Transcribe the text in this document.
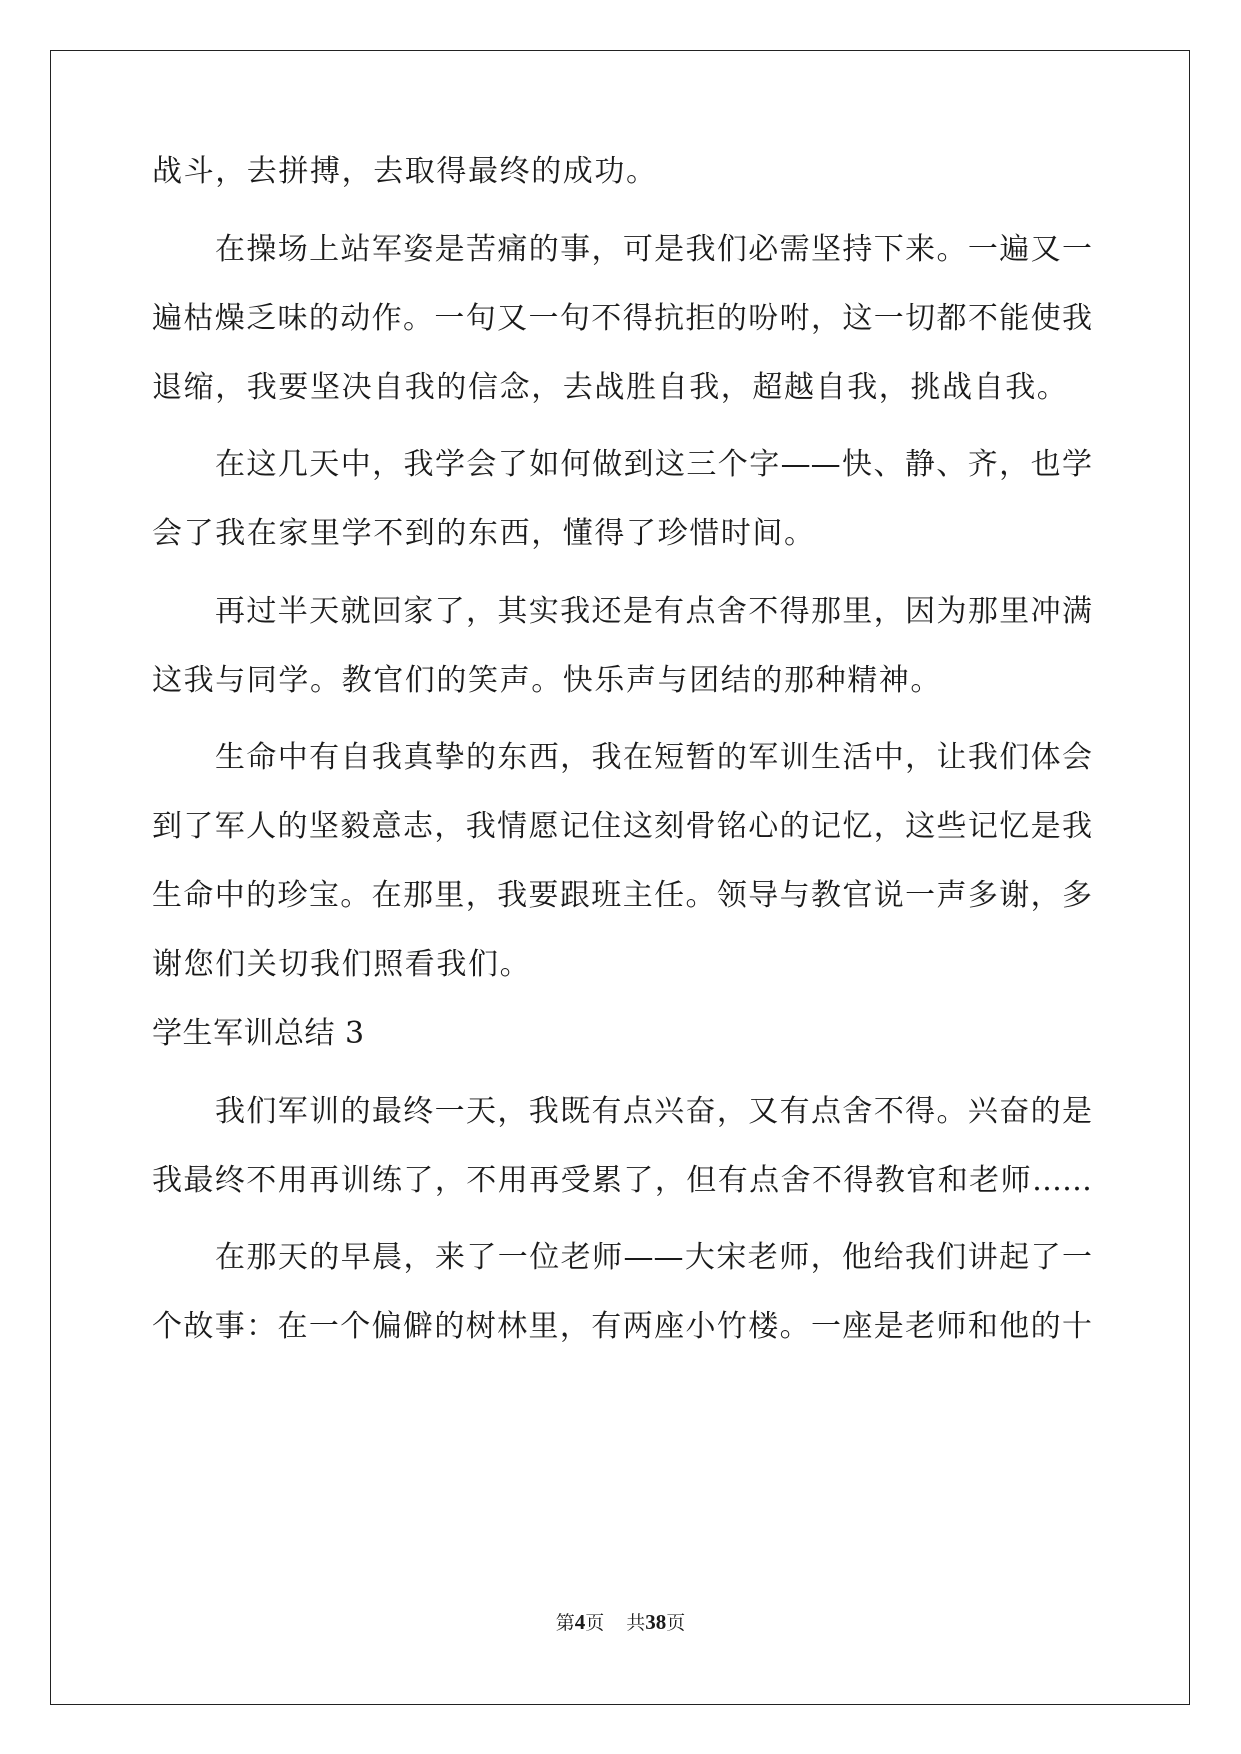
战斗，去拼搏，去取得最终的成功。
在操场上站军姿是苦痛的事，可是我们必需坚持下来。一遍又一
遍枯燥乏味的动作。一句又一句不得抗拒的吩咐，这一切都不能使我
退缩，我要坚决自我的信念，去战胜自我，超越自我，挑战自我。
在这几天中，我学会了如何做到这三个字——快、静、齐，也学
会了我在家里学不到的东西，懂得了珍惜时间。
再过半天就回家了，其实我还是有点舍不得那里，因为那里冲满
这我与同学。教官们的笑声。快乐声与团结的那种精神。
生命中有自我真挚的东西，我在短暂的军训生活中，让我们体会
到了军人的坚毅意志，我情愿记住这刻骨铭心的记忆，这些记忆是我
生命中的珍宝。在那里，我要跟班主任。领导与教官说一声多谢，多
谢您们关切我们照看我们。
学生军训总结 3
我们军训的最终一天，我既有点兴奋，又有点舍不得。兴奋的是
我最终不用再训练了，不用再受累了，但有点舍不得教官和老师……
在那天的早晨，来了一位老师——大宋老师，他给我们讲起了一
个故事：在一个偏僻的树林里，有两座小竹楼。一座是老师和他的十
第4页 共38页
